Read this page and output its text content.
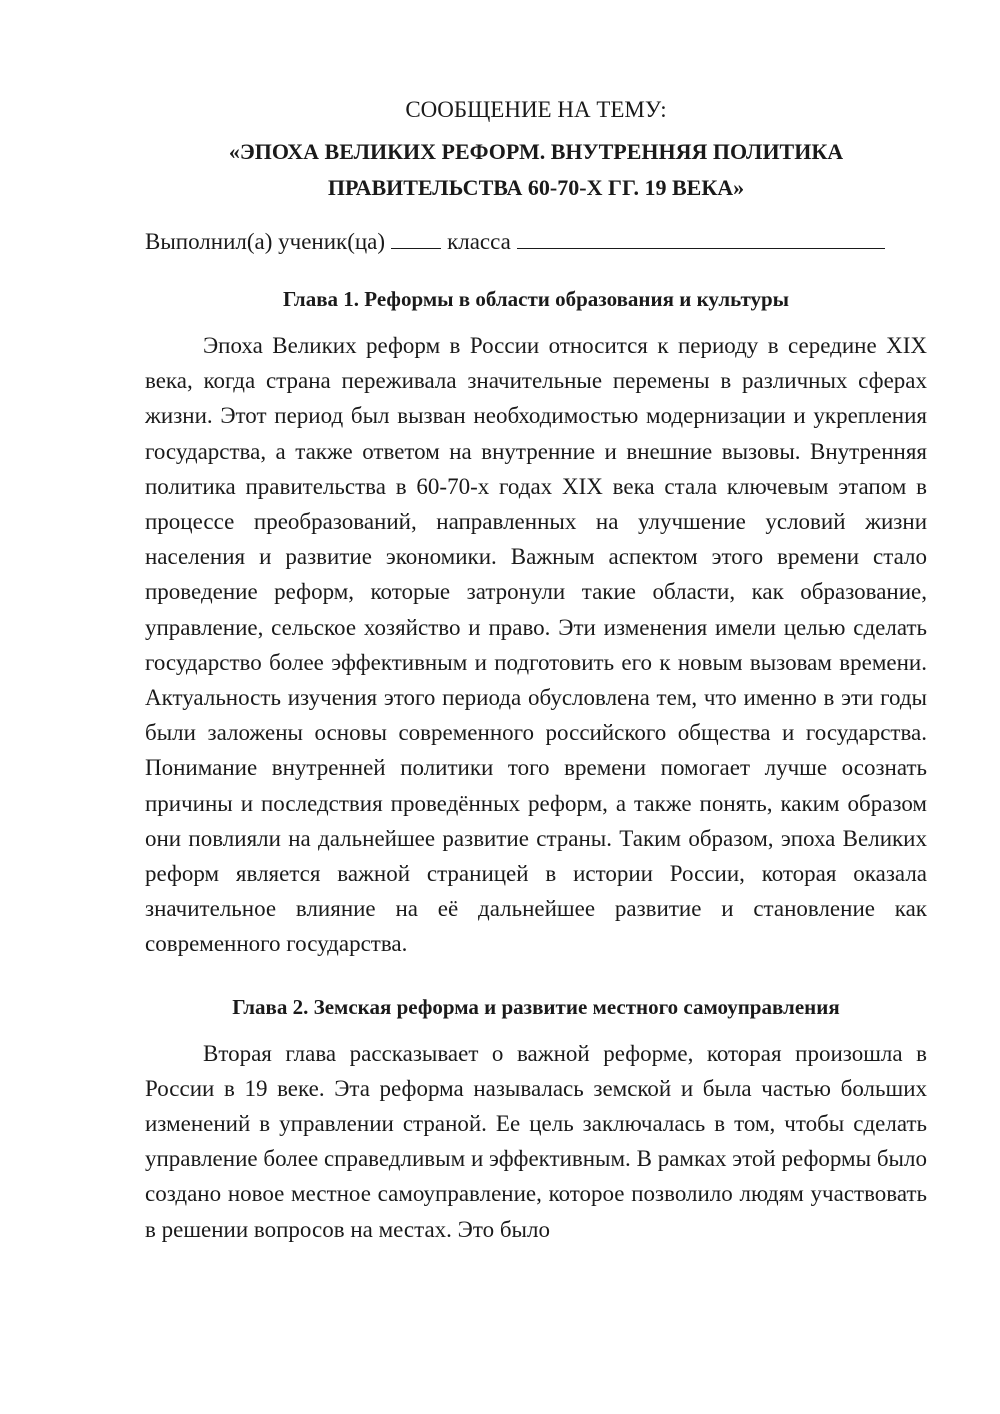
СООБЩЕНИЕ НА ТЕМУ:

«ЭПОХА ВЕЛИКИХ РЕФОРМ. ВНУТРЕННЯЯ ПОЛИТИКА
ПРАВИТЕЛЬСТВА 60-70-Х ГГ. 19 ВЕКА»

Выполнил(а) ученик(ца)	класса

Глава 1. Реформы в области образования и культуры

Эпоха Великих реформ в России относится к периоду в середине XIX века, когда страна переживала значительные перемены в различных сферах жизни. Этот период был вызван необходимостью модернизации и укрепления государства, а также ответом на внутренние и внешние вызовы. Внутренняя политика правительства в 60-70-х годах XIX века стала ключевым этапом в процессе преобразований, направленных на улучшение условий жизни населения и развитие экономики. Важным аспектом этого времени стало проведение реформ, которые затронули такие области, как образование, управление, сельское хозяйство и право. Эти изменения имели целью сделать государство более эффективным и подготовить его к новым вызовам времени. Актуальность изучения этого периода обусловлена тем, что именно в эти годы были заложены основы современного российского общества и государства. Понимание внутренней политики того времени помогает лучше осознать причины и последствия проведённых реформ, а также понять, каким образом они повлияли на дальнейшее развитие страны. Таким образом, эпоха Великих реформ является важной страницей в истории России, которая оказала значительное влияние на её дальнейшее развитие и становление как современного государства.

Глава 2. Земская реформа и развитие местного самоуправления

Вторая глава рассказывает о важной реформе, которая произошла в России в 19 веке. Эта реформа называлась земской и была частью больших изменений в управлении страной. Ее цель заключалась в том, чтобы сделать управление более справедливым и эффективным. В рамках этой реформы было создано новое местное самоуправление, которое позволило людям участвовать в решении вопросов на местах. Это было
